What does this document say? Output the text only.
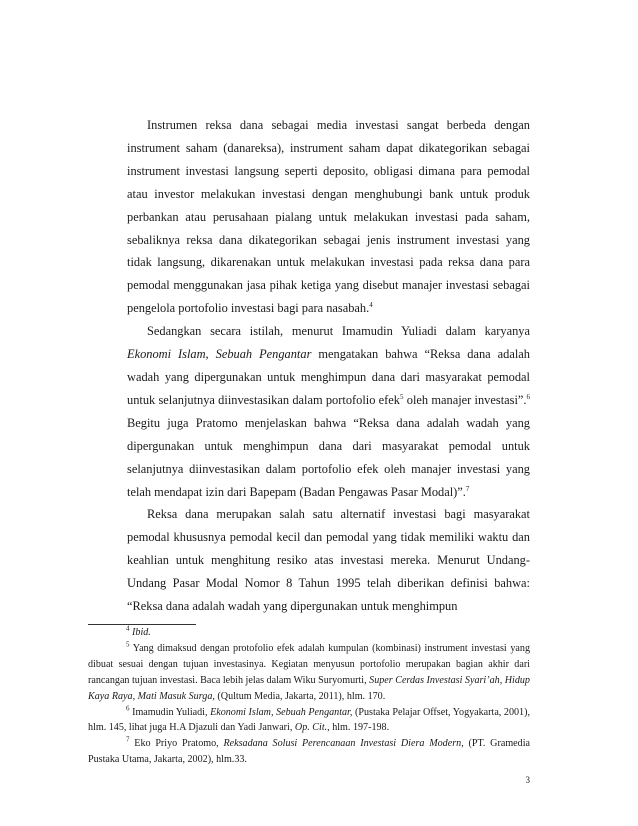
Instrumen reksa dana sebagai media investasi sangat berbeda dengan instrument saham (danareksa), instrument saham dapat dikategorikan sebagai instrument investasi langsung seperti deposito, obligasi dimana para pemodal atau investor melakukan investasi dengan menghubungi bank untuk produk perbankan atau perusahaan pialang untuk melakukan investasi pada saham, sebaliknya reksa dana dikategorikan sebagai jenis instrument investasi yang tidak langsung, dikarenakan untuk melakukan investasi pada reksa dana para pemodal menggunakan jasa pihak ketiga yang disebut manajer investasi sebagai pengelola portofolio investasi bagi para nasabah.$^4$

Sedangkan secara istilah, menurut Imamudin Yuliadi dalam karyanya Ekonomi Islam, Sebuah Pengantar mengatakan bahwa “Reksa dana adalah wadah yang dipergunakan untuk menghimpun dana dari masyarakat pemodal untuk selanjutnya diinvestasikan dalam portofolio efek$^5$ oleh manajer investasi”.$^6$ Begitu juga Pratomo menjelaskan bahwa “Reksa dana adalah wadah yang dipergunakan untuk menghimpun dana dari masyarakat pemodal untuk selanjutnya diinvestasikan dalam portofolio efek oleh manajer investasi yang telah mendapat izin dari Bapepam (Badan Pengawas Pasar Modal)”.$^7$

Reksa dana merupakan salah satu alternatif investasi bagi masyarakat pemodal khususnya pemodal kecil dan pemodal yang tidak memiliki waktu dan keahlian untuk menghitung resiko atas investasi mereka. Menurut Undang-Undang Pasar Modal Nomor 8 Tahun 1995 telah diberikan definisi bahwa: “Reksa dana adalah wadah yang dipergunakan untuk menghimpun

$^4$ Ibid.

$^5$ Yang dimaksud dengan protofolio efek adalah kumpulan (kombinasi) instrument investasi yang dibuat sesuai dengan tujuan investasinya. Kegiatan menyusun portofolio merupakan bagian akhir dari rancangan tujuan investasi. Baca lebih jelas dalam Wiku Suryomurti, Super Cerdas Investasi Syari’ah, Hidup Kaya Raya, Mati Masuk Surga, (Qultum Media, Jakarta, 2011), hlm. 170.

$^6$ Imamudin Yuliadi, Ekonomi Islam, Sebuah Pengantar, (Pustaka Pelajar Offset, Yogyakarta, 2001), hlm. 145, lihat juga H.A Djazuli dan Yadi Janwari, Op. Cit., hlm. 197-198.

$^7$ Eko Priyo Pratomo, Reksadana Solusi Perencanaan Investasi Diera Modern, (PT. Gramedia Pustaka Utama, Jakarta, 2002), hlm.33.

3
